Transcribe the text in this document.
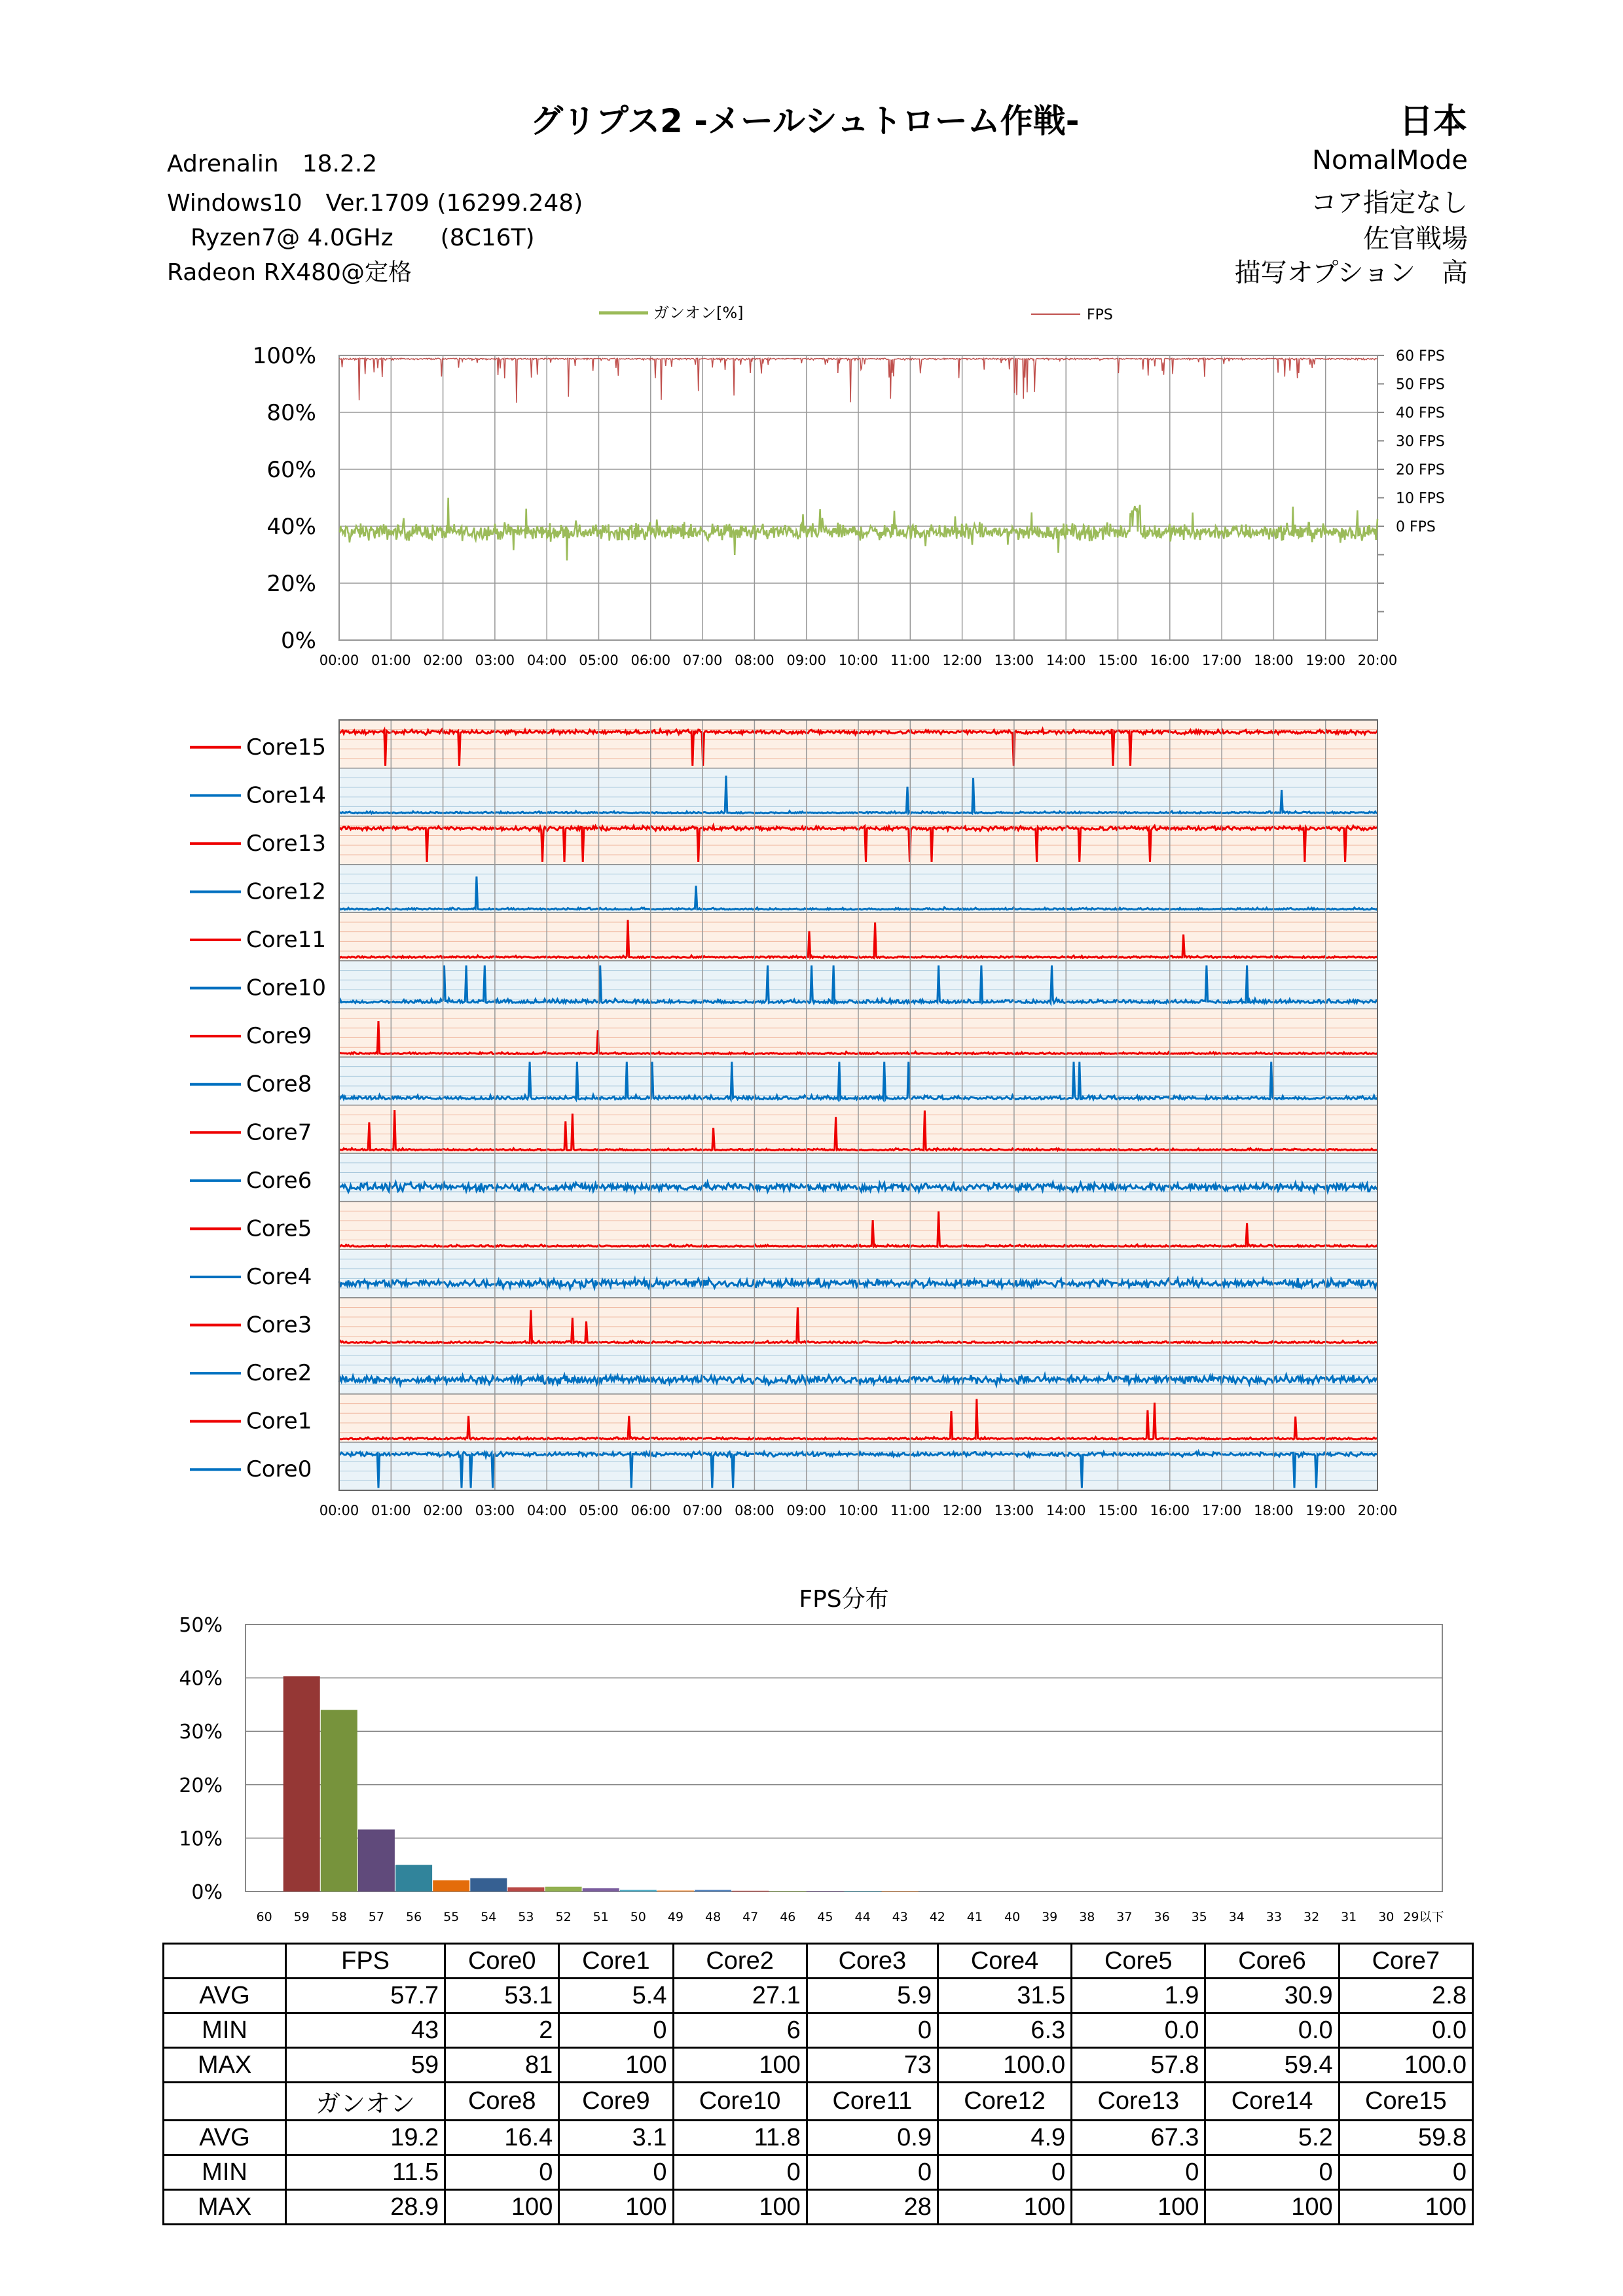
グリプス2 -メールシュトローム作戦-	日本
Adrenalin　18.2.2
Windows10　Ver.1709 (16299.248)
　Ryzen7@ 4.0GHz　　(8C16T)
Radeon RX480@定格
NomalMode
コア指定なし
佐官戦場
描写オプション　高
00:00 01:00 02:00 03:00 04:00 05:00 06:00 07:00 08:00 09:00 10:00 11:00 12:00 13:00 14:00 15:00 16:00 17:00 18:00 19:00 20:00
100%
80%
60%
40%
20%
0%
60 FPS
50 FPS
40 FPS
30 FPS
20 FPS
10 FPS
0 FPS
ガンオン[%]	FPS
Core15
Core14
Core13
Core12
Core11
Core10
Core9
Core8
Core7
Core6
Core5
Core4
Core3
Core2
Core1
Core0
00:00 01:00 02:00 03:00 04:00 05:00 06:00 07:00 08:00 09:00 10:00 11:00 12:00 13:00 14:00 15:00 16:00 17:00 18:00 19:00 20:00
FPS分布
50%
40%
30%
20%
10%
0%
60 59 58 57 56 55 54 53 52 51 50 49 48 47 46 45 44 43 42 41 40 39 38 37 36 35 34 33 32 31 30 29以下
	FPS	Core0	Core1	Core2	Core3	Core4	Core5	Core6	Core7
AVG	57.7	53.1	5.4	27.1	5.9	31.5	1.9	30.9	2.8
MIN	43	2	0	6	0	6.3	0.0	0.0	0.0
MAX	59	81	100	100	73	100.0	57.8	59.4	100.0
	ガンオン	Core8	Core9	Core10	Core11	Core12	Core13	Core14	Core15
AVG	19.2	16.4	3.1	11.8	0.9	4.9	67.3	5.2	59.8
MIN	11.5	0	0	0	0	0	0	0	0
MAX	28.9	100	100	100	28	100	100	100	100
